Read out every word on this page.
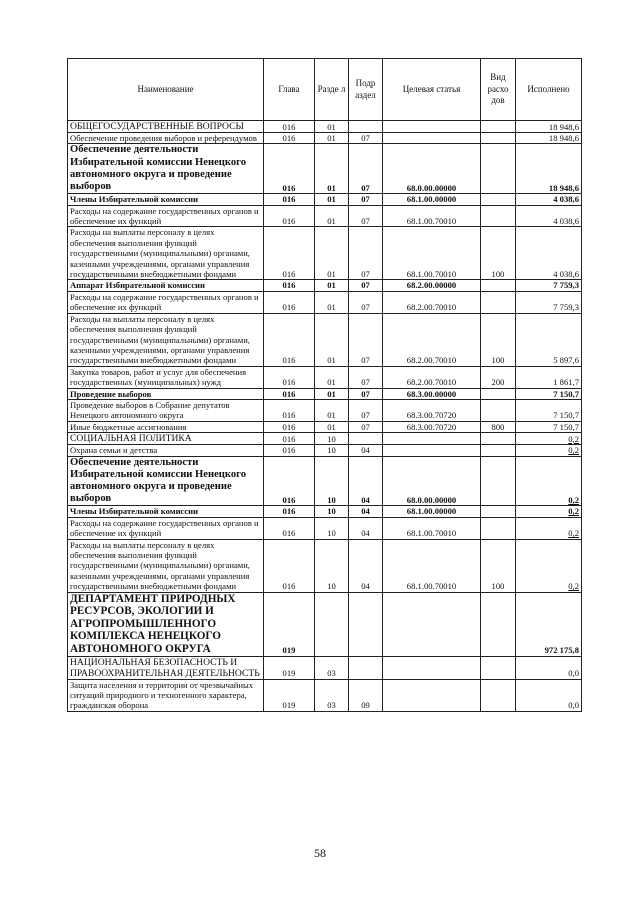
Наименование	Глава	Разде л	Подр аздел	Целевая статья	Вид расхо дов	Исполнено
ОБЩЕГОСУДАРСТВЕННЫЕ ВОПРОСЫ	016	01				18 948,6
Обеспечение проведения выборов и референдумов	016	01	07			18 948,6
Обеспечение деятельности Избирательной комиссии Ненецкого автономного округа и проведение выборов	016	01	07	68.0.00.00000		18 948,6
Члены Избирательной комиссии	016	01	07	68.1.00.00000		4 038,6
Расходы на содержание государственных органов и обеспечение их функций	016	01	07	68.1.00.70010		4 038,6
Расходы на выплаты персоналу в целях обеспечения выполнения функций государственными (муниципальными) органами, казенными учреждениями, органами управления государственными внебюджетными фондами	016	01	07	68.1.00.70010	100	4 038,6
Аппарат Избирательной комиссии	016	01	07	68.2.00.00000		7 759,3
Расходы на содержание государственных органов и обеспечение их функций	016	01	07	68.2.00.70010		7 759,3
Расходы на выплаты персоналу в целях обеспечения выполнения функций государственными (муниципальными) органами, казенными учреждениями, органами управления государственными внебюджетными фондами	016	01	07	68.2.00.70010	100	5 897,6
Закупка товаров, работ и услуг для обеспечения государственных (муниципальных) нужд	016	01	07	68.2.00.70010	200	1 861,7
Проведение выборов	016	01	07	68.3.00.00000		7 150,7
Проведение выборов в Собрание депутатов Ненецкого автономного округа	016	01	07	68.3.00.70720		7 150,7
Иные бюджетные ассигнования	016	01	07	68.3.00.70720	800	7 150,7
СОЦИАЛЬНАЯ ПОЛИТИКА	016	10				0,2
Охрана семьи и детства	016	10	04			0,2
Обеспечение деятельности Избирательной комиссии Ненецкого автономного округа и проведение выборов	016	10	04	68.0.00.00000		0,2
Члены Избирательной комиссии	016	10	04	68.1.00.00000		0,2
Расходы на содержание государственных органов и обеспечение их функций	016	10	04	68.1.00.70010		0,2
Расходы на выплаты персоналу в целях обеспечения выполнения функций государственными (муниципальными) органами, казенными учреждениями, органами управления государственными внебюджетными фондами	016	10	04	68.1.00.70010	100	0,2
ДЕПАРТАМЕНТ ПРИРОДНЫХ РЕСУРСОВ, ЭКОЛОГИИ И АГРОПРОМЫШЛЕННОГО КОМПЛЕКСА НЕНЕЦКОГО АВТОНОМНОГО ОКРУГА	019					972 175,8
НАЦИОНАЛЬНАЯ БЕЗОПАСНОСТЬ И ПРАВООХРАНИТЕЛЬНАЯ ДЕЯТЕЛЬНОСТЬ	019	03				0,0
Защита населения и территории от чрезвычайных ситуаций природного и техногенного характера, гражданская оборона	019	03	09			0,0
58
